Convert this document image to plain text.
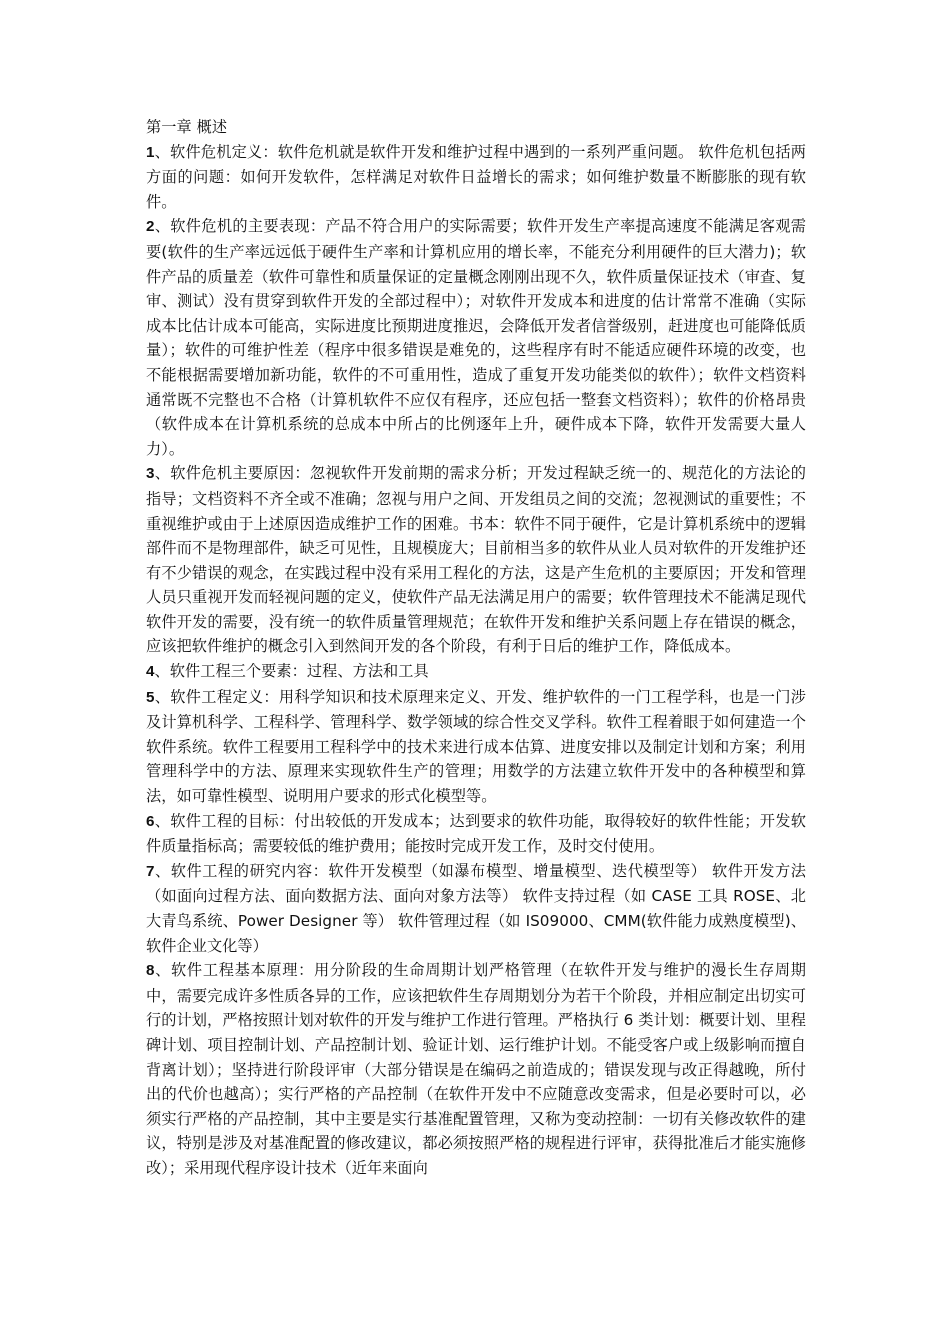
第一章 概述

1、软件危机定义：软件危机就是软件开发和维护过程中遇到的一系列严重问题。 软件危机包括两方面的问题：如何开发软件，怎样满足对软件日益增长的需求；如何维护数量不断膨胀的现有软件。

2、软件危机的主要表现：产品不符合用户的实际需要；软件开发生产率提高速度不能满足客观需要(软件的生产率远远低于硬件生产率和计算机应用的增长率，不能充分利用硬件的巨大潜力)；软件产品的质量差（软件可靠性和质量保证的定量概念刚刚出现不久，软件质量保证技术（审查、复审、测试）没有贯穿到软件开发的全部过程中）；对软件开发成本和进度的估计常常不准确（实际成本比估计成本可能高，实际进度比预期进度推迟，会降低开发者信誉级别，赶进度也可能降低质量）；软件的可维护性差（程序中很多错误是难免的，这些程序有时不能适应硬件环境的改变，也不能根据需要增加新功能，软件的不可重用性，造成了重复开发功能类似的软件）；软件文档资料通常既不完整也不合格（计算机软件不应仅有程序，还应包括一整套文档资料）；软件的价格昂贵（软件成本在计算机系统的总成本中所占的比例逐年上升，硬件成本下降，软件开发需要大量人力）。

3、软件危机主要原因：忽视软件开发前期的需求分析；开发过程缺乏统一的、规范化的方法论的指导；文档资料不齐全或不准确；忽视与用户之间、开发组员之间的交流；忽视测试的重要性；不重视维护或由于上述原因造成维护工作的困难。书本：软件不同于硬件，它是计算机系统中的逻辑部件而不是物理部件，缺乏可见性，且规模庞大；目前相当多的软件从业人员对软件的开发维护还有不少错误的观念，在实践过程中没有采用工程化的方法，这是产生危机的主要原因；开发和管理人员只重视开发而轻视问题的定义，使软件产品无法满足用户的需要；软件管理技术不能满足现代软件开发的需要，没有统一的软件质量管理规范；在软件开发和维护关系问题上存在错误的概念，应该把软件维护的概念引入到然间开发的各个阶段，有利于日后的维护工作，降低成本。

4、软件工程三个要素：过程、方法和工具

5、软件工程定义：用科学知识和技术原理来定义、开发、维护软件的一门工程学科，也是一门涉及计算机科学、工程科学、管理科学、数学领域的综合性交叉学科。软件工程着眼于如何建造一个软件系统。软件工程要用工程科学中的技术来进行成本估算、进度安排以及制定计划和方案；利用管理科学中的方法、原理来实现软件生产的管理；用数学的方法建立软件开发中的各种模型和算法，如可靠性模型、说明用户要求的形式化模型等。

6、软件工程的目标：付出较低的开发成本；达到要求的软件功能，取得较好的软件性能；开发软件质量指标高；需要较低的维护费用；能按时完成开发工作，及时交付使用。

7、软件工程的研究内容：软件开发模型（如瀑布模型、增量模型、迭代模型等） 软件开发方法（如面向过程方法、面向数据方法、面向对象方法等） 软件支持过程（如 CASE 工具 ROSE、北大青鸟系统、Power Designer 等） 软件管理过程（如 IS09000、CMM(软件能力成熟度模型)、软件企业文化等）

8、软件工程基本原理：用分阶段的生命周期计划严格管理（在软件开发与维护的漫长生存周期中，需要完成许多性质各异的工作，应该把软件生存周期划分为若干个阶段，并相应制定出切实可行的计划，严格按照计划对软件的开发与维护工作进行管理。严格执行 6 类计划：概要计划、里程碑计划、项目控制计划、产品控制计划、验证计划、运行维护计划。不能受客户或上级影响而擅自背离计划）；坚持进行阶段评审（大部分错误是在编码之前造成的；错误发现与改正得越晚，所付出的代价也越高）；实行严格的产品控制（在软件开发中不应随意改变需求，但是必要时可以，必须实行严格的产品控制，其中主要是实行基准配置管理，又称为变动控制：一切有关修改软件的建议，特别是涉及对基准配置的修改建议，都必须按照严格的规程进行评审，获得批准后才能实施修改）；采用现代程序设计技术（近年来面向
